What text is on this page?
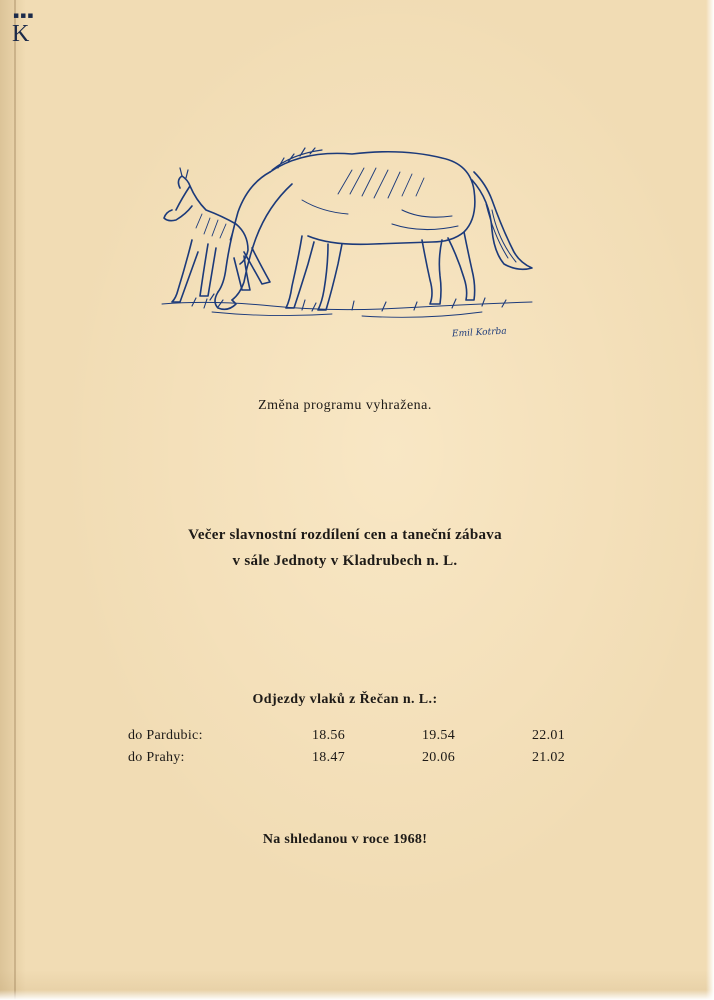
▪▪▪
K
Emil Kotrba
Změna programu vyhražena.
Večer slavnostní rozdílení cen a taneční zábava
v sále Jednoty v Kladrubech n. L.
Odjezdy vlaků z Řečan n. L.:
do Pardubic:	18.56	19.54	22.01
do Prahy:	18.47	20.06	21.02
Na shledanou v roce 1968!
